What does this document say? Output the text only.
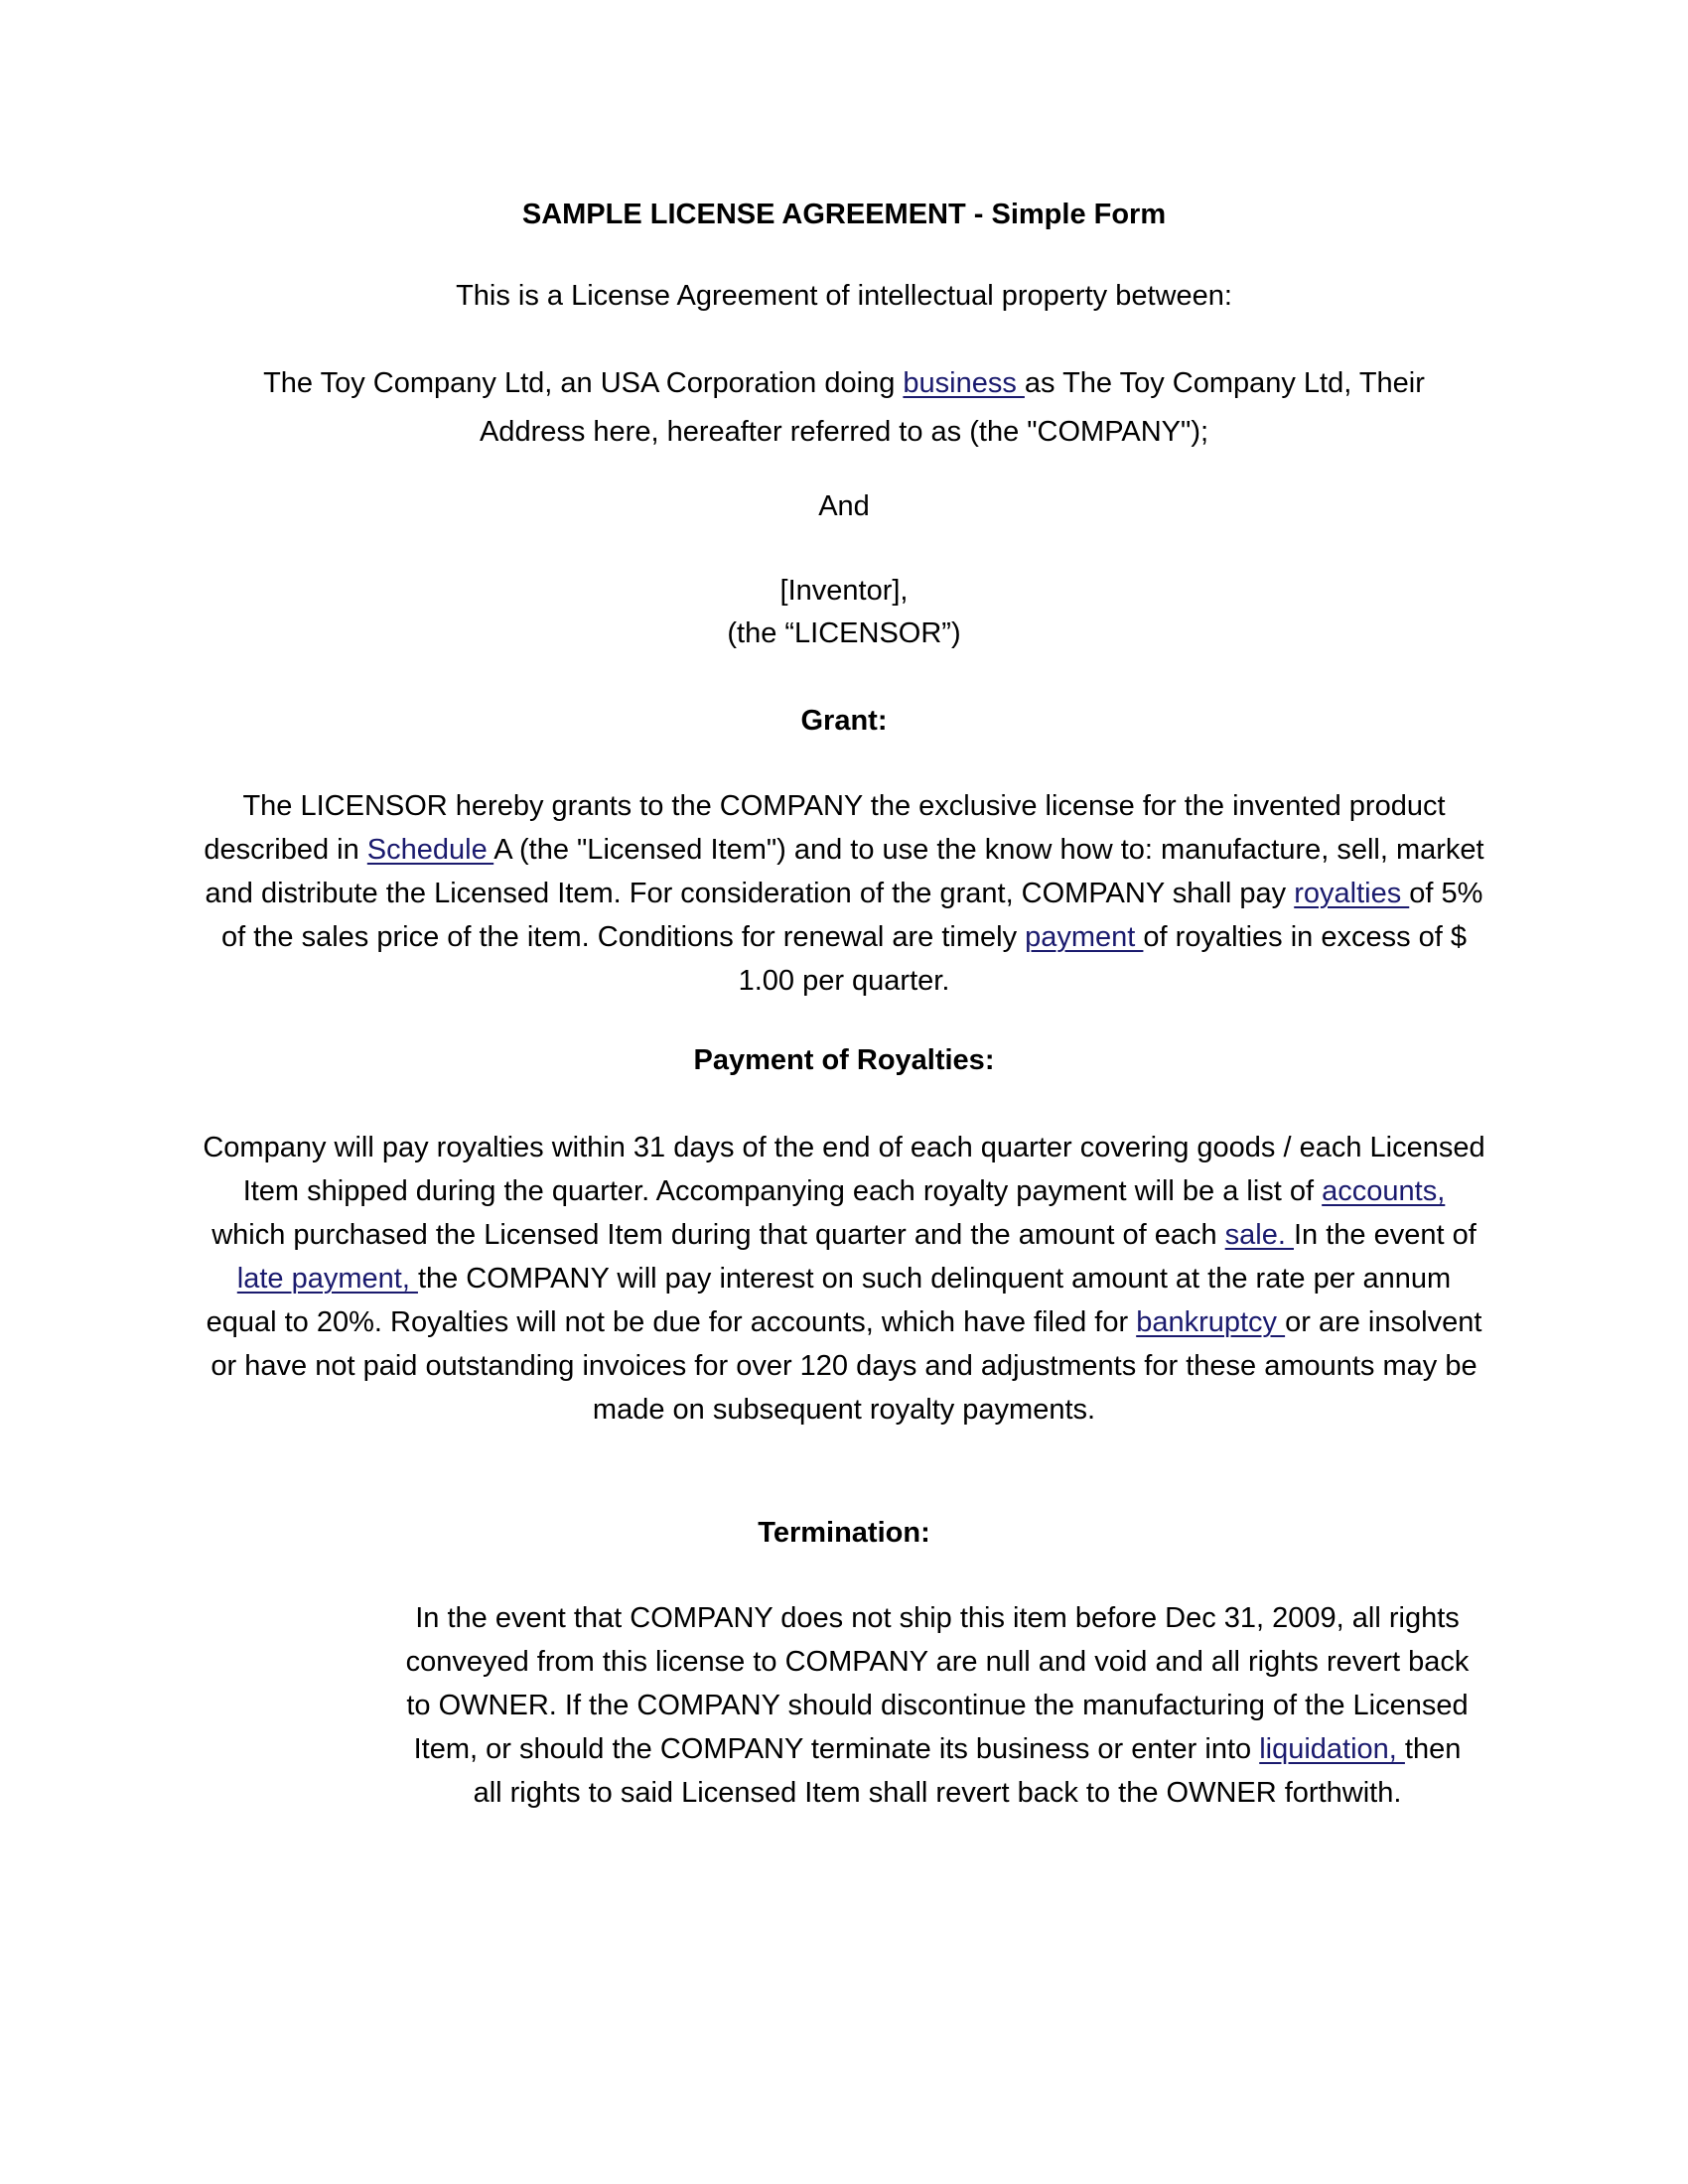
SAMPLE LICENSE AGREEMENT - Simple Form
This is a License Agreement of intellectual property between:
The Toy Company Ltd, an USA Corporation doing business as The Toy Company Ltd, Their
Address here, hereafter referred to as (the "COMPANY");
And
[Inventor],
(the “LICENSOR”)
Grant:
The LICENSOR hereby grants to the COMPANY the exclusive license for the invented product
described in Schedule A (the "Licensed Item") and to use the know how to: manufacture, sell, market
and distribute the Licensed Item. For consideration of the grant, COMPANY shall pay royalties of 5%
of the sales price of the item. Conditions for renewal are timely payment of royalties in excess of $
1.00 per quarter.
Payment of Royalties:
Company will pay royalties within 31 days of the end of each quarter covering goods / each Licensed
Item shipped during the quarter. Accompanying each royalty payment will be a list of accounts,
which purchased the Licensed Item during that quarter and the amount of each sale. In the event of
late payment, the COMPANY will pay interest on such delinquent amount at the rate per annum
equal to 20%. Royalties will not be due for accounts, which have filed for bankruptcy or are insolvent
or have not paid outstanding invoices for over 120 days and adjustments for these amounts may be
made on subsequent royalty payments.
Termination:
In the event that COMPANY does not ship this item before Dec 31, 2009, all rights
conveyed from this license to COMPANY are null and void and all rights revert back
to OWNER. If the COMPANY should discontinue the manufacturing of the Licensed
Item, or should the COMPANY terminate its business or enter into liquidation, then
all rights to said Licensed Item shall revert back to the OWNER forthwith.
